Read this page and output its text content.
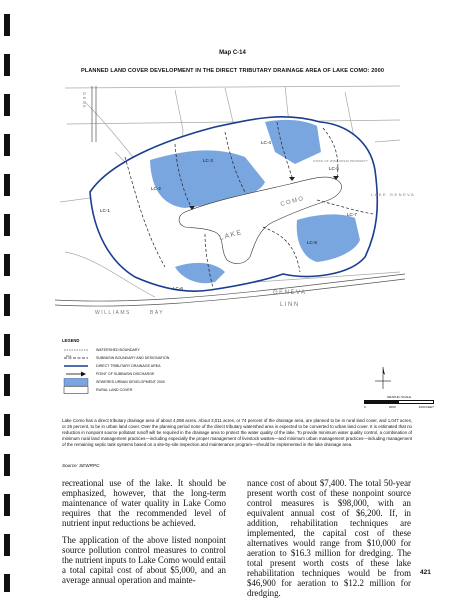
Map C-14
PLANNED LAND COVER DEVELOPMENT IN THE DIRECT TRIBUTARY DRAINAGE AREA OF LAKE COMO: 2000
LC-1
LC-2
LC-3
LC-4
LC-5
LC-6
LC-7
LC-8
LAKE
COMO
GENEVA
LINN
WILLIAMS	BAY
LAKE GENEVA
GENE
STATE OF WISCONSIN PROPERTY
LEGEND
WATERSHED BOUNDARY
LC-1	SUBBASIN BOUNDARY AND DESIGNATION
DIRECT TRIBUTARY DRAINAGE AREA
POINT OF SUBBASIN DISCHARGE
SEWERED URBAN DEVELOPMENT 2000
RURAL LAND COVER
GRAPHIC SCALE
0	2000	4000 FEET
Lake Como has a direct tributary drainage area of about 4,058 acres. About 3,011 acres, or 74 percent of the drainage area, are planned to be in rural land cover, and 1,047 acres, or 26 percent, to be in urban land cover. Over the planning period none of the direct tributary watershed area is expected to be converted to urban land cover. It is estimated that no reduction in nonpoint source pollutant runoff will be required in the drainage area to protect the water quality of the lake. To provide minimum water quality control, a combination of minimum rural land management practices—including especially the proper management of livestock wastes—and minimum urban management practices—including management of the remaining septic tank systems based on a site-by-site inspection and maintenance program—should be implemented in the lake drainage area.
Source: SEWRPC.

recreational use of the lake. It should be emphasized, however, that the long-term maintenance of water quality in Lake Como requires that the recommended level of nutrient input reductions be achieved.

The application of the above listed nonpoint source pollution control measures to control the nutrient inputs to Lake Como would entail a total capital cost of about $5,000, and an average annual operation and mainte-

nance cost of about $7,400. The total 50-year present worth cost of these nonpoint source control measures is $98,000, with an equivalent annual cost of $6,200. If, in addition, rehabilitation techniques are implemented, the capital cost of these alternatives would range from $10,000 for aeration to $16.3 million for dredging. The total present worth costs of these lake rehabilitation techniques would be from $46,900 for aeration to $12.2 million for dredging.

421
